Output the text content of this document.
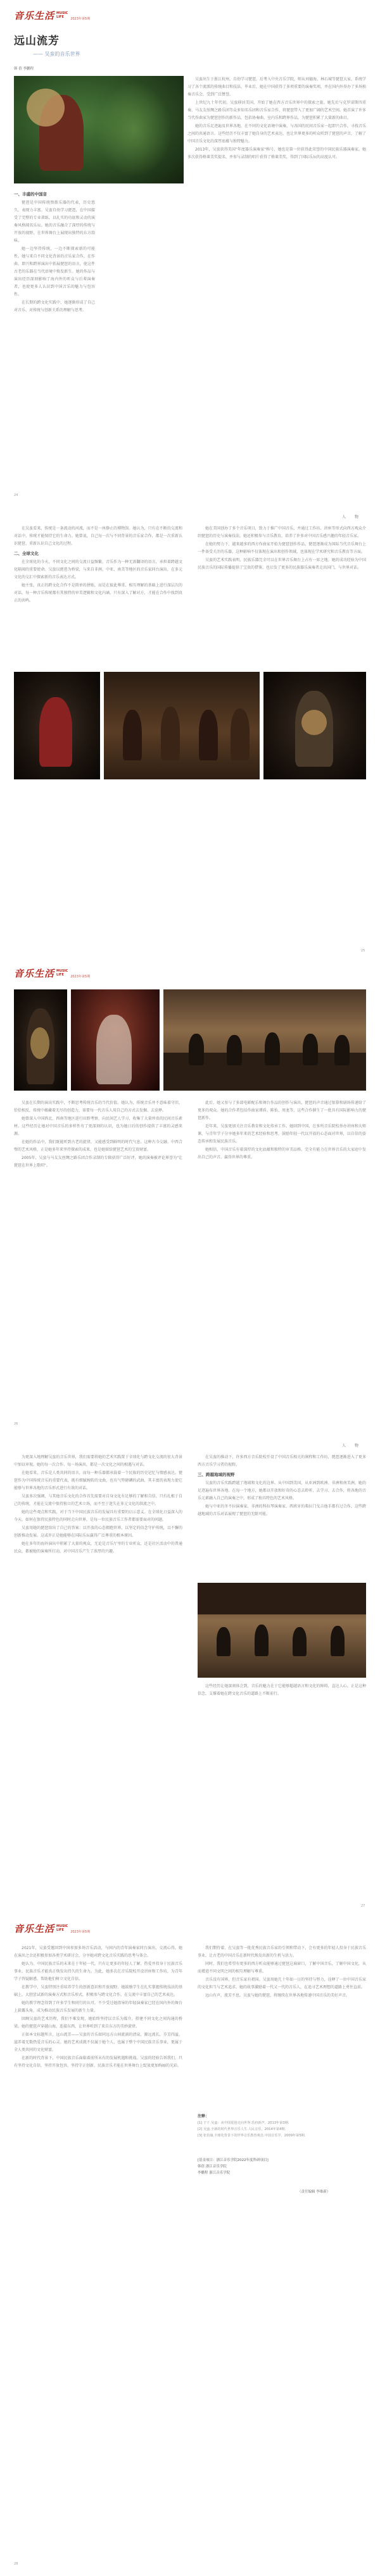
音乐生活 MUSIC
LIFE
2023年第5期
远山流芳
—— 吴蛮的音乐世界
韩 蓓 李鹏程
一、丰盛的中国音

琵琶是中国传统弹拨乐器的代表，历史悠久，表现力丰富。吴蛮自幼学习琵琶，在中国接受了完整的专业训练，以扎实的功底和灵动的演奏风格闻名乐坛。她的音乐融合了深厚的传统与开放的视野，在世界舞台上展现出独特的东方韵味。

她一边坚持传统，一边不断探索新的可能性。她与来自不同文化背景的音乐家合作，在作曲、即兴和跨界演出中拓展琵琶的语言，使这件古老的乐器在当代语境中焕发新生。她的作品与演出经历深刻影响了海内外的听众与后辈演奏者，也使更多人认识到中国音乐的魅力与包容性。

在长期的跨文化实践中，她逐渐形成了自己对音乐、对传统与创新关系的理解与思考。

吴蛮出生于浙江杭州，自幼学习琵琶，后考入中央音乐学院，师从刘德海、林石城等琵琶大家，系统学习了各个流派的传统曲目和技法。毕业后，她在中国获得了多项重要的演奏奖项，并在国内外举办了多场独奏音乐会，受到广泛赞誉。

上世纪九十年代初，吴蛮移居美国，开始了她在西方音乐世界中的探索之旅。她先后与克罗诺斯四重奏、马友友丝绸之路乐团等众多知名乐团和音乐家合作，将琵琶带入了更加广阔的艺术空间。她首演了许多当代作曲家为琵琶创作的新作品，包括协奏曲、室内乐和跨界作品，为琵琶积累了大量新的曲目。

她的音乐足迹遍及世界各地，在不同的文化语境中演奏，与各国的民间音乐家一起即兴合作，寻找音乐之间的共通语言。这些经历不仅丰富了她自身的艺术表达，也让世界更多的听众听到了琵琶的声音，了解了中国音乐文化的深厚底蕴与独特魅力。

2013年，吴蛮获得美国"年度器乐演奏家"称号，她也是第一位获得此荣誉的中国民族乐器演奏家。她多次获得格莱美奖提名，并参与录制的唱片获得了格莱美奖，得到了国际乐坛的高度认可。

24
人 物

在吴蛮看来，传统是一条流动的河流，而不是一座静止的博物馆。她认为，只有在不断的交流和对话中，传统才能保持它的生命力。她曾说，自己每一次与不同背景的音乐家合作，都是一次重新认识琵琶、重新认识自己文化的过程。

二、全球文化

在全球化的今天，不同文化之间的交流日益频繁，音乐作为一种无需翻译的语言，承担着跨越文化隔阂的重要使命。吴蛮以琵琶为桥梁，与来自非洲、中亚、南美等地区的音乐家同台演出，在多元文化的交汇中探索新的音乐表达方式。

她主张，真正的跨文化合作不是简单的拼贴，而是在彼此尊重、相互理解的基础上进行深层次的对话。每一种音乐传统都有其独特的审美逻辑和文化内涵，只有深入了解对方，才能在合作中找到真正的共鸣。

她在美国创办了多个音乐项目，致力于推广中国音乐，并通过工作坊、讲座等形式向西方观众介绍琵琶的历史与演奏技法。她还积极参与音乐教育，培养了许多对中国音乐感兴趣的年轻音乐家。

在她的努力下，越来越多的西方作曲家开始为琵琶创作作品，琵琶逐渐成为国际当代音乐舞台上一件备受关注的乐器。这种影响不仅体现在演出和创作领域，也体现在学术研究和音乐教育等方面。

吴蛮的艺术实践表明，民族乐器完全可以在世界音乐舞台上占有一席之地。她的成功经验为中国民族音乐的国际传播提供了宝贵的借鉴，也启发了更多的民族器乐演奏者走出国门，与世界对话。

25
音乐生活 MUSIC
LIFE
2023年第5期

吴蛮在长期的演出实践中，不断思考传统音乐的当代价值。她认为，传统音乐并不意味着守旧，恰恰相反，传统中蕴藏着无尽的创造力，需要每一代音乐人用自己的方式去发掘、去诠释。

她曾深入中国西北、西南等地区进行田野考察，向民间艺人学习，收集了大量珍贵的民间音乐素材。这些经历让她对中国音乐的多样性有了更深刻的认识，也为她日后的创作提供了丰富的灵感来源。

在她的作品中，我们既能听到古老的旋律，又能感受到鲜明的时代气息。这种古今交融、中西合璧的艺术风格，正是她多年来坚持探索的成果，也是她留给琵琶艺术的宝贵财富。

2005年，吴蛮与马友友丝绸之路乐团合作录制的专辑获得广泛好评，她的演奏被评论界誉为"让琵琶在世界上歌唱"。

此后，她又参与了多部电影配乐和舞台作品的创作与演出，琵琶的声音通过银幕和剧场传递给了更多的观众。她的合作者包括作曲家谭盾、陈怡、周龙等，这些合作催生了一批具有国际影响力的琵琶新作。

近年来，吴蛮更加关注音乐教育和文化传承工作。她回到中国，在多所音乐院校举办讲座和大师课，与青年学子分享她多年来的艺术经验和思考，鼓励年轻一代以开放的心态面对世界，以自信的姿态传承和发展民族音乐。

她相信，中国音乐有着深厚的文化底蕴和独特的审美品格，完全有能力在世界音乐的大家庭中发出自己的声音，赢得世界的尊重。

26
人 物

为更深入地理解吴蛮的音乐世界，我们需要将她的艺术实践置于全球化与跨文化交流的宏大背景中加以审视。她的每一次合作、每一场演出，都是一次文化之间的相遇与对话。

在她看来，音乐是人类共同的语言，而每一种乐器都承载着一个民族的历史记忆与情感表达。琵琶作为中国传统音乐的重要代表，既有细腻婉转的文曲，也有气势磅礴的武曲，其丰富的表现力使它能够与世界各地的音乐形式进行有效的对话。

吴蛮多次强调，与其他音乐文化的合作首先需要对自身文化有足够的了解和自信。只有扎根于自己的传统，才能在交流中保持独立的艺术立场，而不至于迷失在多元文化的洪流之中。

她的这些观点和实践，对于当下中国民族音乐的发展具有重要的启示意义。在全球化日益深入的今天，如何在保持民族特色的同时走向世界，是每一位民族音乐工作者都需要面对的问题。

吴蛮用她的琵琶给出了自己的答案：以开放的心态拥抱世界，以坚定的信念守护传统，以不懈的创新推动发展。这或许正是她能够在国际乐坛赢得广泛尊重的根本原因。

她在多年的海外演出中积累了大量的观众，无论是音乐厅里的专业听众，还是社区活动中的普通民众，都被她的演奏所打动，对中国音乐产生了浓厚的兴趣。

在吴蛮的推动下，许多西方音乐院校开设了中国音乐相关的课程和工作坊，琵琶逐渐进入了更多西方音乐学习者的视野。

三、跨越地域的视野

吴蛮的音乐实践跨越了地域和文化的边界。从中国到美国，从亚洲到欧洲、非洲和南美洲，她的足迹遍布世界各地。在每一个地方，她都以开放和好奇的心态去聆听、去学习、去合作，将各地的音乐元素融入自己的演奏之中，形成了独具特色的艺术风格。

她与中亚的冬不拉演奏家、非洲的科拉琴演奏家、西班牙的弗拉门戈吉他手都有过合作，这些跨越地域的音乐对话展现了琵琶的无限可能。

这些经历让她深刻体会到，音乐的魅力在于它能够超越语言和文化的障碍，直达人心。正是这种信念，支撑着她在跨文化音乐的道路上不断前行。

27
音乐生活 MUSIC
LIFE
2023年第5期

2021年，吴蛮受邀回到中国参加多场音乐活动，与国内的青年演奏家同台演出，交流心得。她在演出之余还积极参加各类学术研讨会，分享她对跨文化音乐实践的思考与体会。

她认为，中国民族音乐的未来在于年轻一代。只有让更多的年轻人了解、热爱并投身于民族音乐事业，民族音乐才能真正焕发出持久的生命力。为此，她多次在音乐院校开设讲座和工作坊，为青年学子答疑解惑，帮助他们树立文化自信。

在教学中，吴蛮特别注重培养学生的创新意识和开放视野。她鼓励学生在扎实掌握传统技法的基础上，大胆尝试新的演奏方式和音乐形式，积极参与跨文化合作，在交流中丰富自己的艺术表达。

她的教学理念得到了许多学生和同行的认可。不少受过她指导的年轻演奏家已经在国内外的舞台上崭露头角，成为推动民族音乐发展的新生力量。

回顾吴蛮的艺术历程，我们不难发现，她始终坚持以音乐为媒介，搭建不同文化之间沟通的桥梁。她的琵琶声穿越山海，连接东西，让世界听到了来自东方的美妙旋律。

正如本文标题所言，远山流芳——吴蛮的音乐如同远方山间流淌的清泉，源远流长，芬芳四溢，滋养着无数热爱音乐的心灵。她的艺术成就不仅属于她个人，也属于整个中国民族音乐事业，更属于全人类共同的文化财富。

在新的时代背景下，中国民族音乐面临着前所未有的发展机遇和挑战。吴蛮的经验告诉我们，只有坚持文化自信，坚持开放包容，坚持守正创新，民族音乐才能在世界舞台上绽放更加绚丽的光彩。

我们期待着，在吴蛮等一批优秀民族音乐家的引领和带动下，会有更多的年轻人投身于民族音乐事业，让古老的中国音乐在新时代焕发出新的生机与活力。

同时，我们也希望有更多的西方听众能够通过琵琶这扇窗口，了解中国音乐，了解中国文化，从而增进不同文明之间的相互理解与尊重。

音乐没有国界，但音乐家有祖国。吴蛮用她几十年如一日的坚持与努力，诠释了一位中国音乐家的文化担当与艺术追求。她的故事激励着一代又一代的音乐人，在追寻艺术理想的道路上勇往直前。

远山有声，流芳不息。吴蛮与她的琵琶，将继续在世界各地传递中国音乐的美好声音。

注释：
[1] 于千.吴蛮：从中国琵琶走向世界.乐府新声，2013年第3期.
[2] 吴蛮.全新的时代世界音乐人生.人民音乐，2014年第4期.
[3] 张伯瑜.全球化背景下的世界音乐教育观念.中国音乐学，2009年第5期.
[基金项目：浙江音乐学院2022年度科研项目]
韩蓓 浙江音乐学院
李鹏程 浙江音乐学院
（责任编辑 李维新）
28
